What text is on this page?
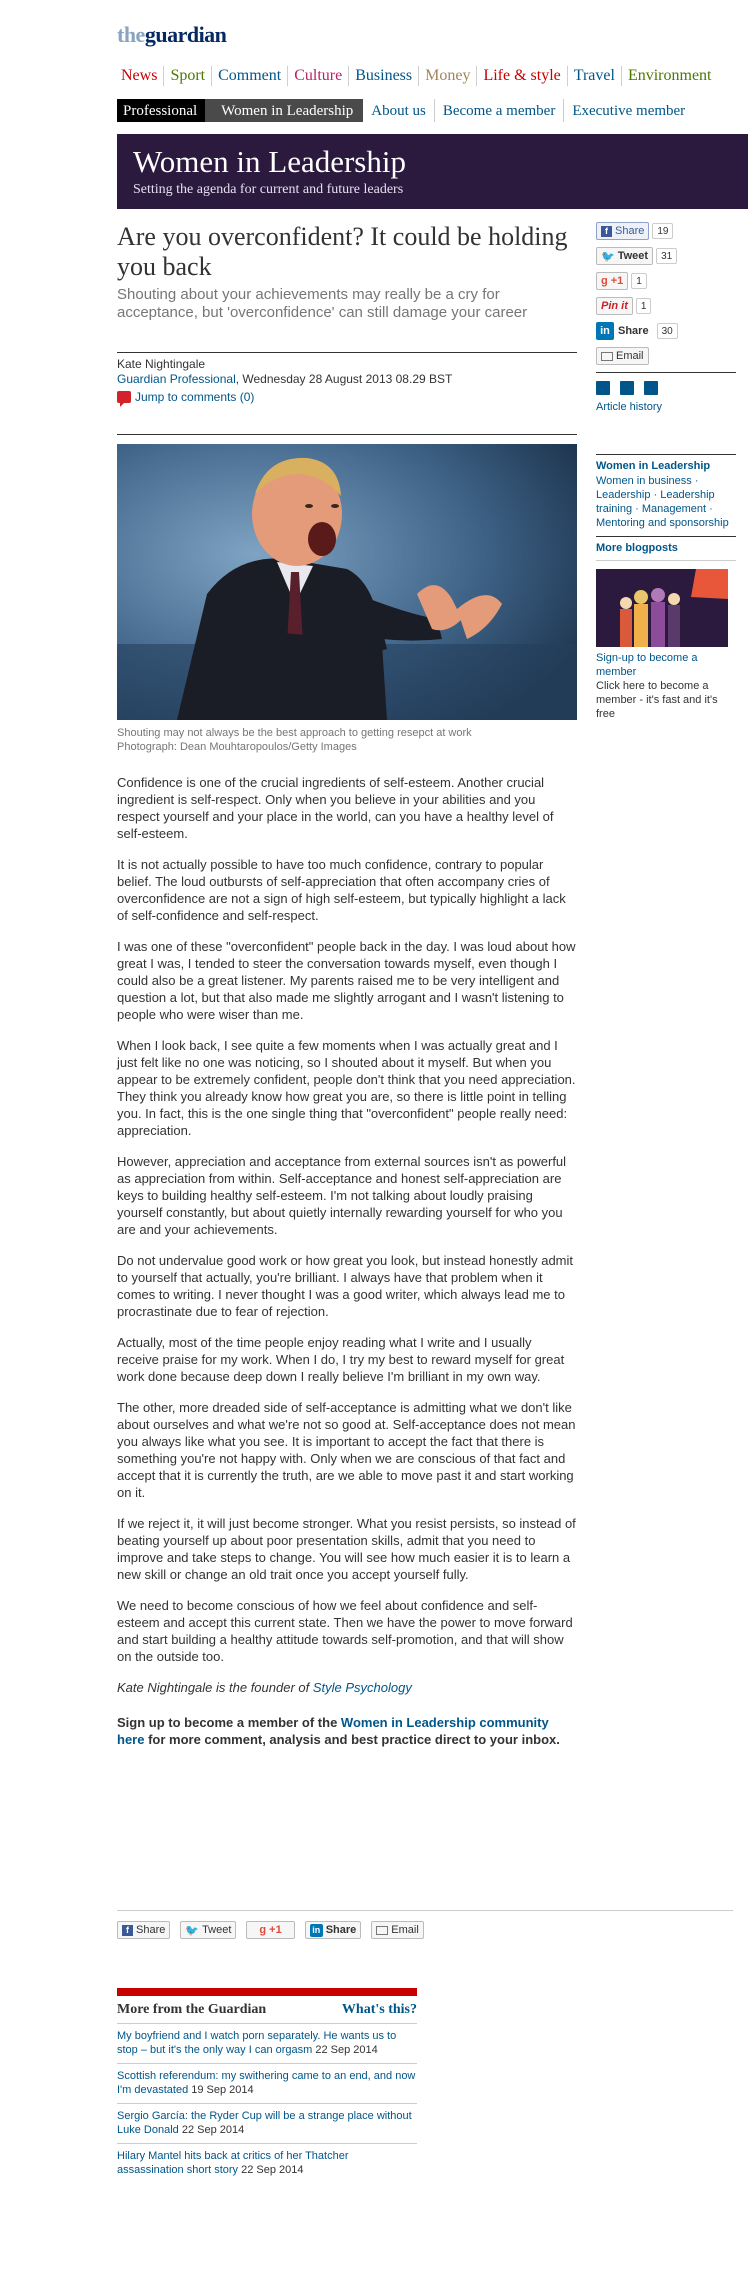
theguardian
News Sport Comment Culture Business Money Life & style Travel Environment
Professional	Women in Leadership	About us	Become a member	Executive member
Women in Leadership
Setting the agenda for current and future leaders
Are you overconfident? It could be holding you back
Shouting about your achievements may really be a cry for acceptance, but 'overconfidence' can still damage your career
Kate Nightingale
Guardian Professional, Wednesday 28 August 2013 08.29 BST
Jump to comments (0)
Shouting may not always be the best approach to getting resepct at work
Photograph: Dean Mouhtaropoulos/Getty Images

Confidence is one of the crucial ingredients of self-esteem. Another crucial ingredient is self-respect. Only when you believe in your abilities and you respect yourself and your place in the world, can you have a healthy level of self-esteem.

It is not actually possible to have too much confidence, contrary to popular belief. The loud outbursts of self-appreciation that often accompany cries of overconfidence are not a sign of high self-esteem, but typically highlight a lack of self-confidence and self-respect.

I was one of these "overconfident" people back in the day. I was loud about how great I was, I tended to steer the conversation towards myself, even though I could also be a great listener. My parents raised me to be very intelligent and question a lot, but that also made me slightly arrogant and I wasn't listening to people who were wiser than me.

When I look back, I see quite a few moments when I was actually great and I just felt like no one was noticing, so I shouted about it myself. But when you appear to be extremely confident, people don't think that you need appreciation. They think you already know how great you are, so there is little point in telling you. In fact, this is the one single thing that "overconfident" people really need: appreciation.

However, appreciation and acceptance from external sources isn't as powerful as appreciation from within. Self-acceptance and honest self-appreciation are keys to building healthy self-esteem. I'm not talking about loudly praising yourself constantly, but about quietly internally rewarding yourself for who you are and your achievements.

Do not undervalue good work or how great you look, but instead honestly admit to yourself that actually, you're brilliant. I always have that problem when it comes to writing. I never thought I was a good writer, which always lead me to procrastinate due to fear of rejection.

Actually, most of the time people enjoy reading what I write and I usually receive praise for my work. When I do, I try my best to reward myself for great work done because deep down I really believe I'm brilliant in my own way.

The other, more dreaded side of self-acceptance is admitting what we don't like about ourselves and what we're not so good at. Self-acceptance does not mean you always like what you see. It is important to accept the fact that there is something you're not happy with. Only when we are conscious of that fact and accept that it is currently the truth, are we able to move past it and start working on it.

If we reject it, it will just become stronger. What you resist persists, so instead of beating yourself up about poor presentation skills, admit that you need to improve and take steps to change. You will see how much easier it is to learn a new skill or change an old trait once you accept yourself fully.

We need to become conscious of how we feel about confidence and self-esteem and accept this current state. Then we have the power to move forward and start building a healthy attitude towards self-promotion, and that will show on the outside too.

Kate Nightingale is the founder of Style Psychology

Sign up to become a member of the Women in Leadership community here for more comment, analysis and best practice direct to your inbox.

f Share 🐦 Tweet	g +1	in Share	Email
f Share	19
🐦 Tweet	31
g +1	1
Pin it	1
in Share	30
Email
Article history
Women in Leadership
Women in business · Leadership · Leadership training · Management · Mentoring and sponsorship
More blogposts
Sign-up to become a member
Click here to become a member - it's fast and it's free
More from the Guardian	What's this?
My boyfriend and I watch porn separately. He wants us to stop – but it's the only way I can orgasm 22 Sep 2014
Scottish referendum: my swithering came to an end, and now I'm devastated 19 Sep 2014
Sergio García: the Ryder Cup will be a strange place without Luke Donald 22 Sep 2014
Hilary Mantel hits back at critics of her Thatcher assassination short story 22 Sep 2014
